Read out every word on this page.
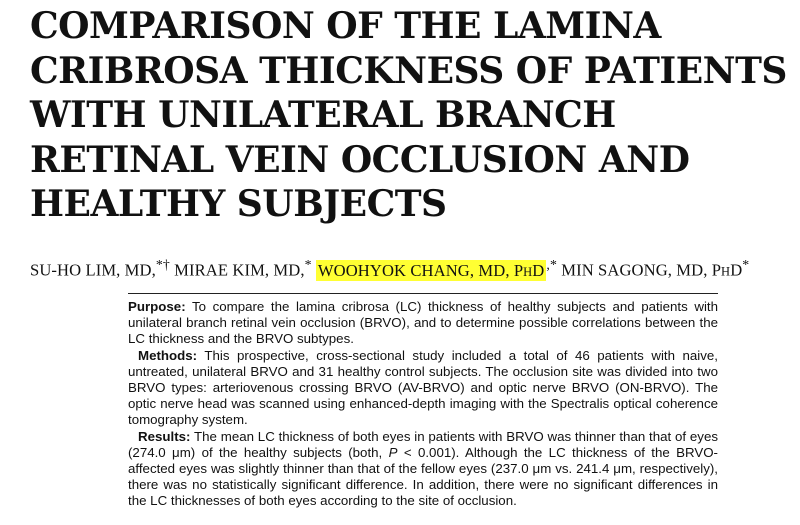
COMPARISON OF THE LAMINA CRIBROSA THICKNESS OF PATIENTS WITH UNILATERAL BRANCH RETINAL VEIN OCCLUSION AND HEALTHY SUBJECTS
SU-HO LIM, MD,*† MIRAE KIM, MD,* WOOHYOK CHANG, MD, PHD ,* MIN SAGONG, MD, PHD*

Purpose: To compare the lamina cribrosa (LC) thickness of healthy subjects and patients with unilateral branch retinal vein occlusion (BRVO), and to determine possible correlations between the LC thickness and the BRVO subtypes.

Methods: This prospective, cross-sectional study included a total of 46 patients with naive, untreated, unilateral BRVO and 31 healthy control subjects. The occlusion site was divided into two BRVO types: arteriovenous crossing BRVO (AV-BRVO) and optic nerve BRVO (ON-BRVO). The optic nerve head was scanned using enhanced-depth imaging with the Spectralis optical coherence tomography system.

Results: The mean LC thickness of both eyes in patients with BRVO was thinner than that of eyes (274.0 μm) of the healthy subjects (both, P < 0.001). Although the LC thickness of the BRVO-affected eyes was slightly thinner than that of the fellow eyes (237.0 μm vs. 241.4 μm, respectively), there was no statistically significant difference. In addition, there were no significant differences in the LC thicknesses of both eyes according to the site of occlusion.
